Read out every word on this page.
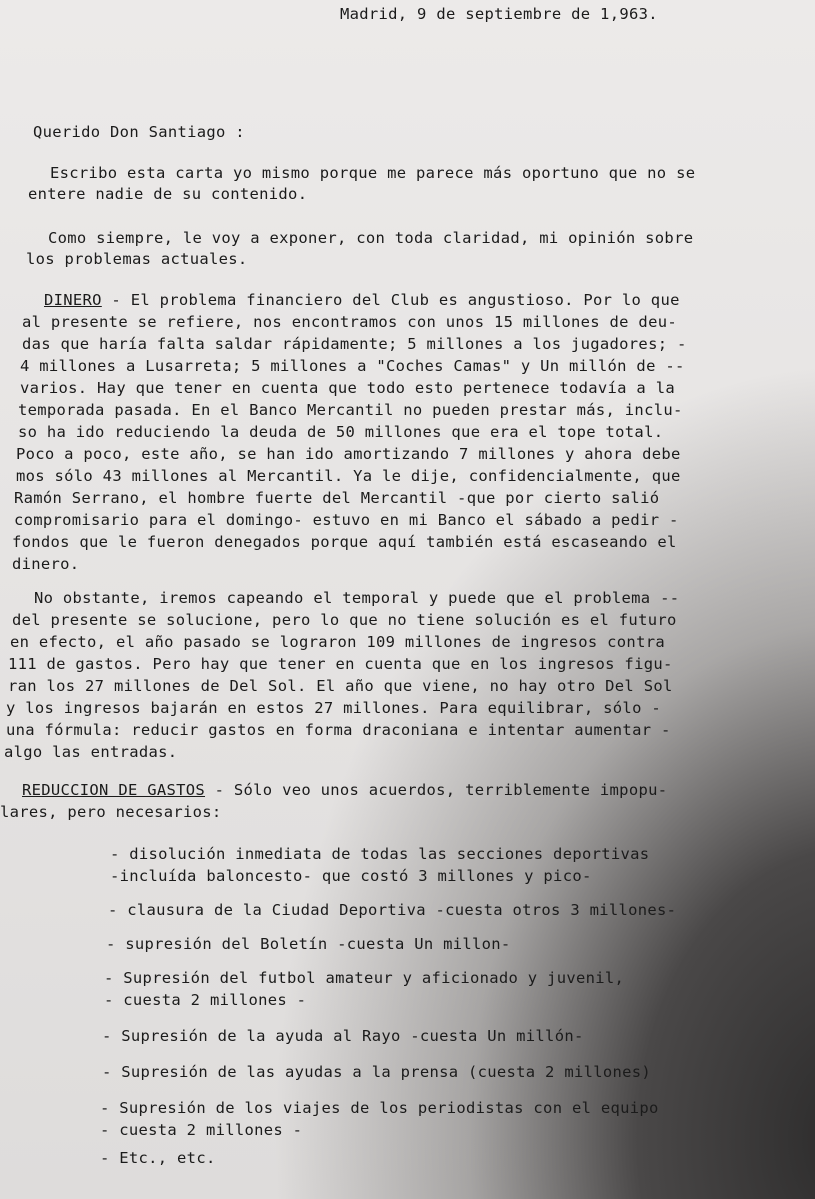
Madrid, 9 de septiembre de 1,963.
Querido Don Santiago :
Escribo esta carta yo mismo porque me parece más oportuno que no se
entere nadie de su contenido.
Como siempre, le voy a exponer, con toda claridad, mi opinión sobre
los problemas actuales.
DINERO - El problema financiero del Club es angustioso. Por lo que
al presente se refiere, nos encontramos con unos 15 millones de deu-
das que haría falta saldar rápidamente; 5 millones a los jugadores; -
4 millones a Lusarreta; 5 millones a "Coches Camas" y Un millón de --
varios. Hay que tener en cuenta que todo esto pertenece todavía a la
temporada pasada. En el Banco Mercantil no pueden prestar más, inclu-
so ha ido reduciendo la deuda de 50 millones que era el tope total.
Poco a poco, este año, se han ido amortizando 7 millones y ahora debe
mos sólo 43 millones al Mercantil. Ya le dije, confidencialmente, que
Ramón Serrano, el hombre fuerte del Mercantil -que por cierto salió
compromisario para el domingo- estuvo en mi Banco el sábado a pedir -
fondos que le fueron denegados porque aquí también está escaseando el
dinero.
No obstante, iremos capeando el temporal y puede que el problema --
del presente se solucione, pero lo que no tiene solución es el futuro
en efecto, el año pasado se lograron 109 millones de ingresos contra
111 de gastos. Pero hay que tener en cuenta que en los ingresos figu-
ran los 27 millones de Del Sol. El año que viene, no hay otro Del Sol
y los ingresos bajarán en estos 27 millones. Para equilibrar, sólo -
una fórmula: reducir gastos en forma draconiana e intentar aumentar -
algo las entradas.
REDUCCION DE GASTOS - Sólo veo unos acuerdos, terriblemente impopu-
lares, pero necesarios:
- disolución inmediata de todas las secciones deportivas
-incluída baloncesto- que costó 3 millones y pico-
- clausura de la Ciudad Deportiva -cuesta otros 3 millones-
- supresión del Boletín -cuesta Un millon-
- Supresión del futbol amateur y aficionado y juvenil,
- cuesta 2 millones -
- Supresión de la ayuda al Rayo -cuesta Un millón-
- Supresión de las ayudas a la prensa (cuesta 2 millones)
- Supresión de los viajes de los periodistas con el equipo
- cuesta 2 millones -
- Etc., etc.
